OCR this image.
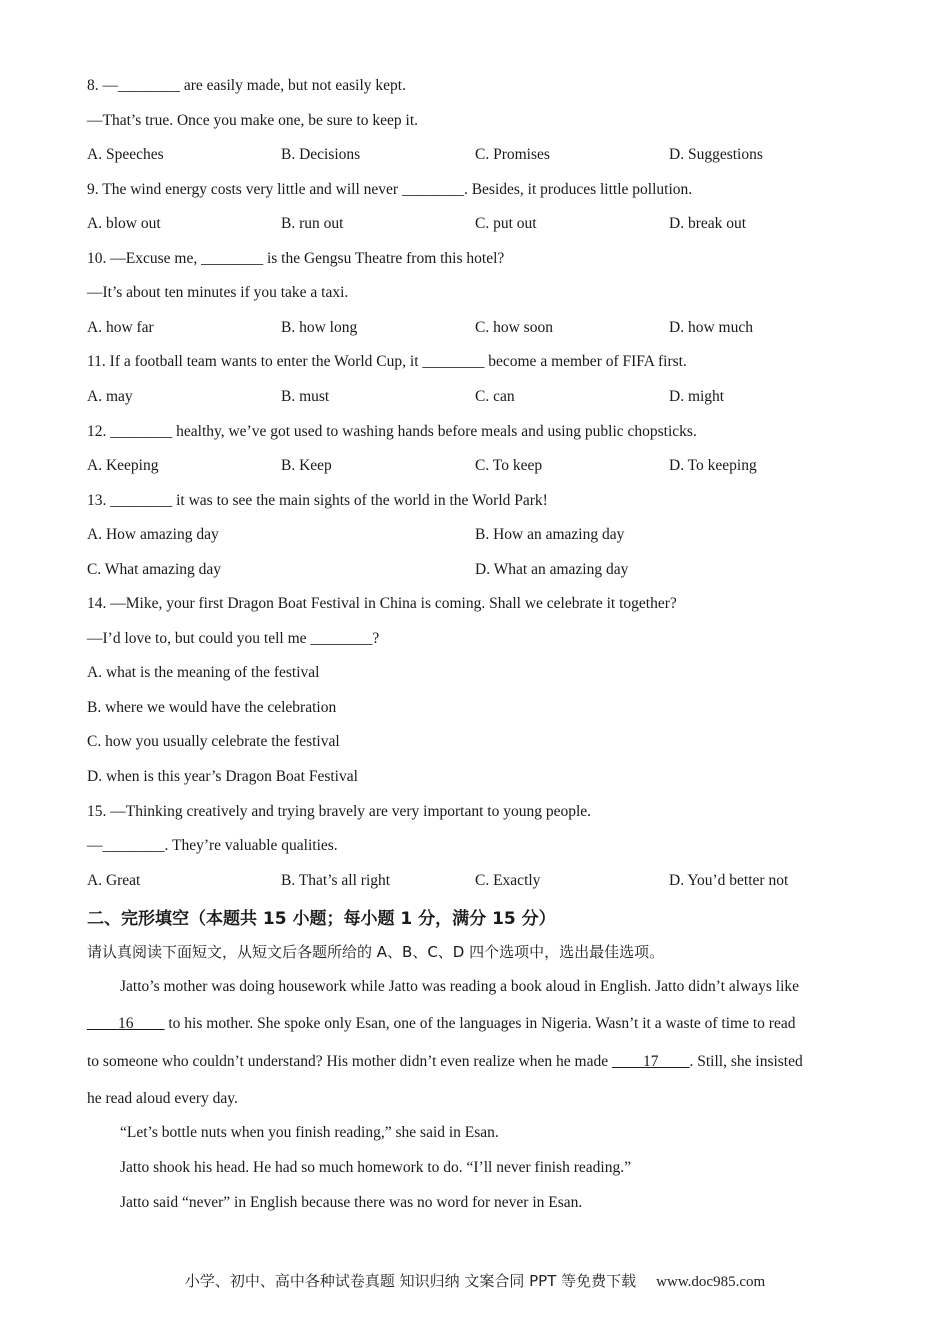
8. —________ are easily made, but not easily kept.
—That’s true. Once you make one, be sure to keep it.
A. Speeches	B. Decisions	C. Promises	D. Suggestions
9. The wind energy costs very little and will never ________. Besides, it produces little pollution.
A. blow out	B. run out	C. put out	D. break out
10. —Excuse me, ________ is the Gengsu Theatre from this hotel?
—It’s about ten minutes if you take a taxi.
A. how far	B. how long	C. how soon	D. how much
11. If a football team wants to enter the World Cup, it ________ become a member of FIFA first.
A. may	B. must	C. can	D. might
12. ________ healthy, we’ve got used to washing hands before meals and using public chopsticks.
A. Keeping	B. Keep	C. To keep	D. To keeping
13. ________ it was to see the main sights of the world in the World Park!
A. How amazing day	B. How an amazing day
C. What amazing day	D. What an amazing day
14. —Mike, your first Dragon Boat Festival in China is coming. Shall we celebrate it together?
—I’d love to, but could you tell me ________?
A. what is the meaning of the festival
B. where we would have the celebration
C. how you usually celebrate the festival
D. when is this year’s Dragon Boat Festival
15. —Thinking creatively and trying bravely are very important to young people.
—________. They’re valuable qualities.
A. Great	B. That’s all right	C. Exactly	D. You’d better not
二、完形填空（本题共 15 小题；每小题 1 分，满分 15 分）
请认真阅读下面短文，从短文后各题所给的 A、B、C、D 四个选项中，选出最佳选项。
Jatto’s mother was doing housework while Jatto was reading a book aloud in English. Jatto didn’t always like
____16____ to his mother. She spoke only Esan, one of the languages in Nigeria. Wasn’t it a waste of time to read
to someone who couldn’t understand? His mother didn’t even realize when he made ____17____. Still, she insisted
he read aloud every day.
“Let’s bottle nuts when you finish reading,” she said in Esan.
Jatto shook his head. He had so much homework to do. “I’ll never finish reading.”
Jatto said “never” in English because there was no word for never in Esan.
小学、初中、高中各种试卷真题 知识归纳 文案合同 PPT 等免费下载 www.doc985.com
